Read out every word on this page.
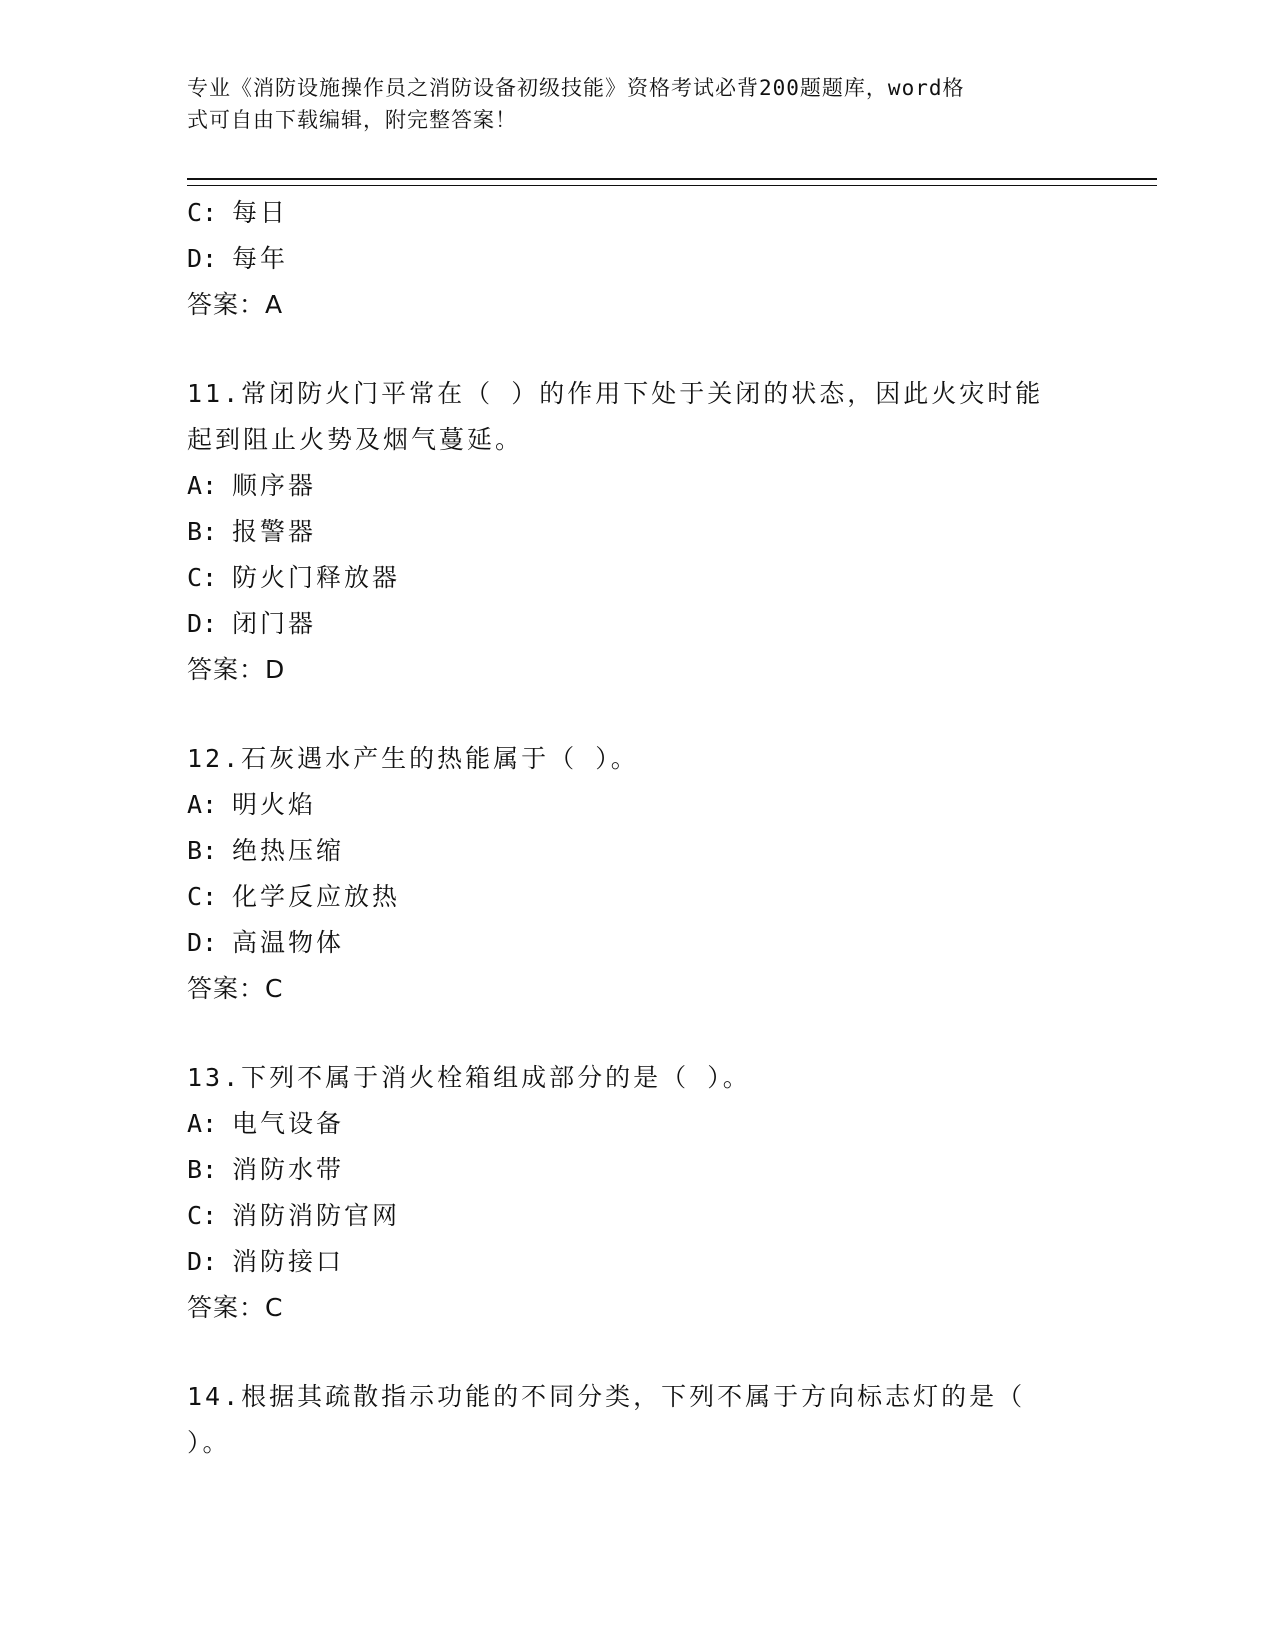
专业《消防设施操作员之消防设备初级技能》资格考试必背200题题库，word格
式可自由下载编辑，附完整答案！
C: 每日
D: 每年
答案：A
11.常闭防火门平常在（ ）的作用下处于关闭的状态，因此火灾时能
起到阻止火势及烟气蔓延。
A: 顺序器
B: 报警器
C: 防火门释放器
D: 闭门器
答案：D
12.石灰遇水产生的热能属于（ ）。
A: 明火焰
B: 绝热压缩
C: 化学反应放热
D: 高温物体
答案：C
13.下列不属于消火栓箱组成部分的是（ ）。
A: 电气设备
B: 消防水带
C: 消防消防官网
D: 消防接口
答案：C
14.根据其疏散指示功能的不同分类，下列不属于方向标志灯的是（
）。
